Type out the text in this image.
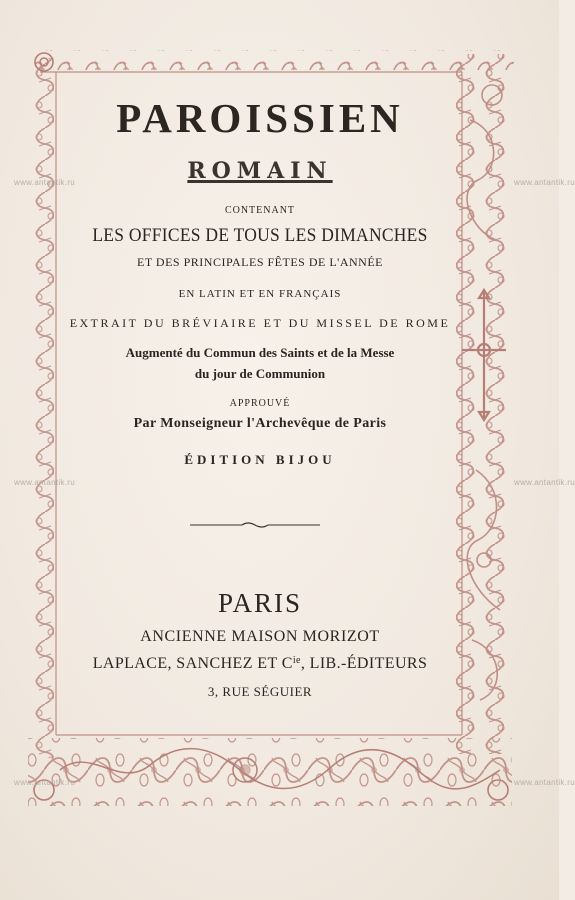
PAROISSIEN
ROMAIN
CONTENANT
LES OFFICES DE TOUS LES DIMANCHES
ET DES PRINCIPALES FÊTES DE L'ANNÉE
EN LATIN ET EN FRANÇAIS
EXTRAIT DU BRÉVIAIRE ET DU MISSEL DE ROME
Augmenté du Commun des Saints et de la Messe
du jour de Communion
APPROUVÉ
Par Monseigneur l'Archevêque de Paris
ÉDITION BIJOU
PARIS
ANCIENNE MAISON MORIZOT
LAPLACE, SANCHEZ ET $C^{ie}$, LIB.-ÉDITEURS
3, RUE SÉGUIER
www.antantik.ru	www.antantik.ru
www.antantik.ru	www.antantik.ru
www.antantik.ru	www.antantik.ru
